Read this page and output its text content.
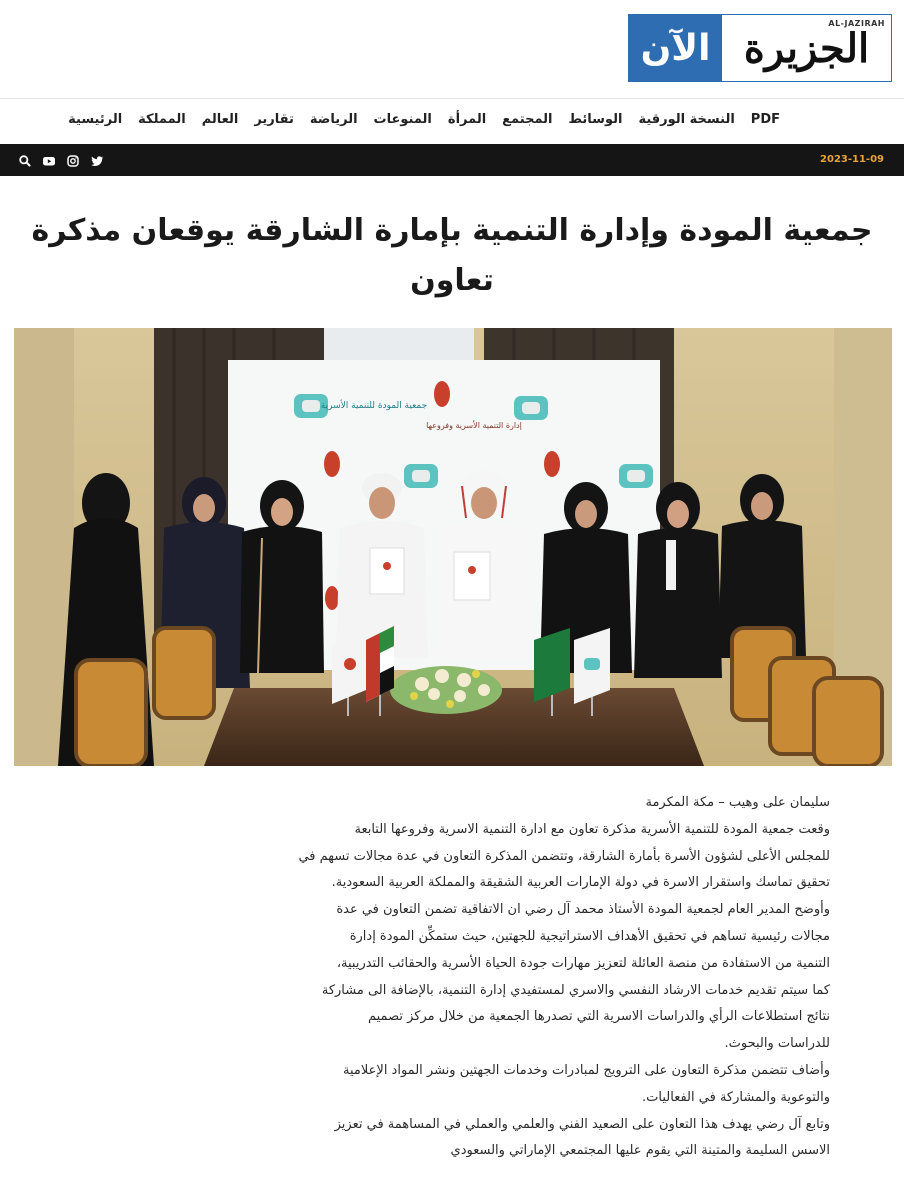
الآن الجزيرة
AL-JAZIRAH
الرئيسية	المملكة	العالم	تقارير	الرياضة	المنوعات	المرأة	المجتمع	الوسائط	النسخة الورقية	PDF
2023-11-09
جمعية المودة وإدارة التنمية بإمارة الشارقة يوقعان مذكرة تعاون
جمعية المودة للتنمية الأسرية
إدارة التنمية الأسرية وفروعها

سليمان على وهيب – مكة المكرمة

وقعت جمعية المودة للتنمية الأسرية مذكرة تعاون مع ادارة التنمية الاسرية وفروعها التابعة

للمجلس الأعلى لشؤون الأسرة بأمارة الشارقة، وتتضمن المذكرة التعاون في عدة مجالات تسهم في

تحقيق تماسك واستقرار الاسرة في دولة الإمارات العربية الشقيقة والمملكة العربية السعودية.

وأوضح المدير العام لجمعية المودة الأستاذ محمد آل رضي ان الاتفاقية تضمن التعاون في عدة

مجالات رئيسية تساهم في تحقيق الأهداف الاستراتيجية للجهتين، حيث ستمكِّن المودة إدارة

التنمية من الاستفادة من منصة العائلة لتعزيز مهارات جودة الحياة الأسرية والحقائب التدريبية،

كما سيتم تقديم خدمات الارشاد النفسي والاسري لمستفيدي إدارة التنمية، بالإضافة الى مشاركة

نتائج استطلاعات الرأي والدراسات الاسرية التي تصدرها الجمعية من خلال مركز تصميم

للدراسات والبحوث.

وأضاف تتضمن مذكرة التعاون على الترويج لمبادرات وخدمات الجهتين ونشر المواد الإعلامية

والتوعوية والمشاركة في الفعاليات.

وتابع آل رضي يهدف هذا التعاون على الصعيد الفني والعلمي والعملي في المساهمة في تعزيز

الاسس السليمة والمتينة التي يقوم عليها المجتمعي الإماراتي والسعودي
